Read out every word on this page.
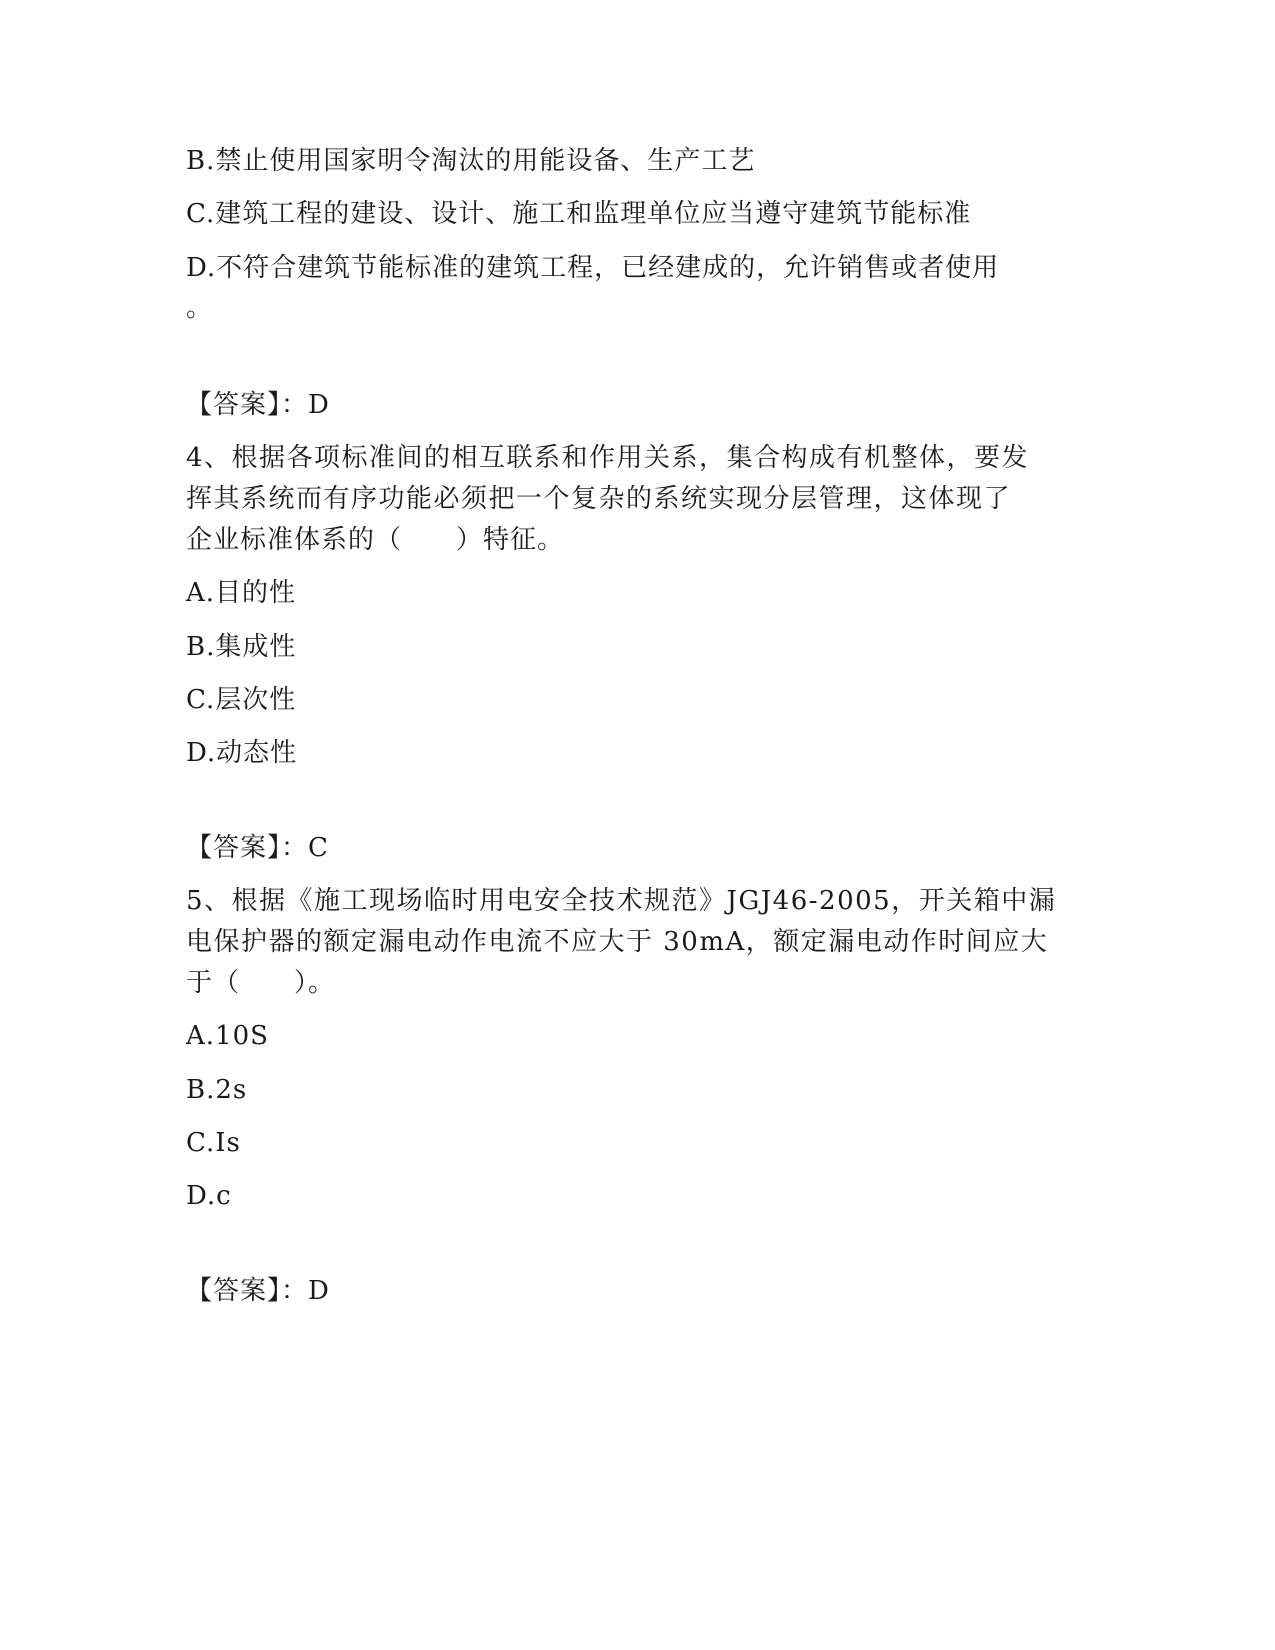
B.禁止使用国家明令淘汰的用能设备、生产工艺
C.建筑工程的建设、设计、施工和监理单位应当遵守建筑节能标准
D.不符合建筑节能标准的建筑工程，已经建成的，允许销售或者使用
。
【答案】：D
4、根据各项标准间的相互联系和作用关系，集合构成有机整体，要发
挥其系统而有序功能必须把一个复杂的系统实现分层管理，这体现了
企业标准体系的（　　）特征。
A.目的性
B.集成性
C.层次性
D.动态性
【答案】：C
5、根据《施工现场临时用电安全技术规范》JGJ46-2005，开关箱中漏
电保护器的额定漏电动作电流不应大于 30mA，额定漏电动作时间应大
于（　　）。
A.10S
B.2s
C.Is
D.c
【答案】：D
